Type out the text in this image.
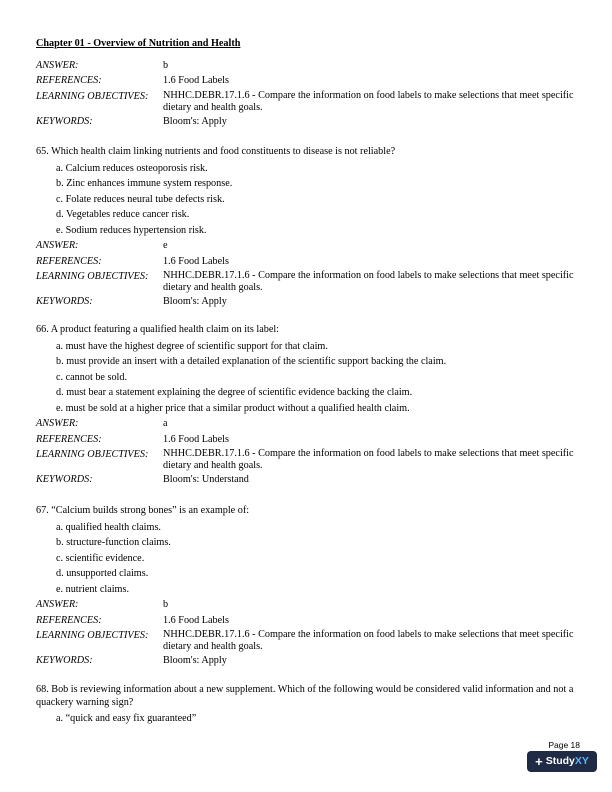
Chapter 01 - Overview of Nutrition and Health
ANSWER:	b
REFERENCES:	1.6 Food Labels
LEARNING OBJECTIVES:	NHHC.DEBR.17.1.6 - Compare the information on food labels to make selections that meet specific dietary and health goals.
KEYWORDS:	Bloom's: Apply
65. Which health claim linking nutrients and food constituents to disease is not reliable?
a. Calcium reduces osteoporosis risk.
b. Zinc enhances immune system response.
c. Folate reduces neural tube defects risk.
d. Vegetables reduce cancer risk.
e. Sodium reduces hypertension risk.
ANSWER:	e
REFERENCES:	1.6 Food Labels
LEARNING OBJECTIVES:	NHHC.DEBR.17.1.6 - Compare the information on food labels to make selections that meet specific dietary and health goals.
KEYWORDS:	Bloom's: Apply
66. A product featuring a qualified health claim on its label:
a. must have the highest degree of scientific support for that claim.
b. must provide an insert with a detailed explanation of the scientific support backing the claim.
c. cannot be sold.
d. must bear a statement explaining the degree of scientific evidence backing the claim.
e. must be sold at a higher price that a similar product without a qualified health claim.
ANSWER:	a
REFERENCES:	1.6 Food Labels
LEARNING OBJECTIVES:	NHHC.DEBR.17.1.6 - Compare the information on food labels to make selections that meet specific dietary and health goals.
KEYWORDS:	Bloom's: Understand
67. “Calcium builds strong bones” is an example of:
a. qualified health claims.
b. structure-function claims.
c. scientific evidence.
d. unsupported claims.
e. nutrient claims.
ANSWER:	b
REFERENCES:	1.6 Food Labels
LEARNING OBJECTIVES:	NHHC.DEBR.17.1.6 - Compare the information on food labels to make selections that meet specific dietary and health goals.
KEYWORDS:	Bloom's: Apply
68. Bob is reviewing information about a new supplement. Which of the following would be considered valid information and not a quackery warning sign?
a. “quick and easy fix guaranteed”
Page 18
+ StudyXY
